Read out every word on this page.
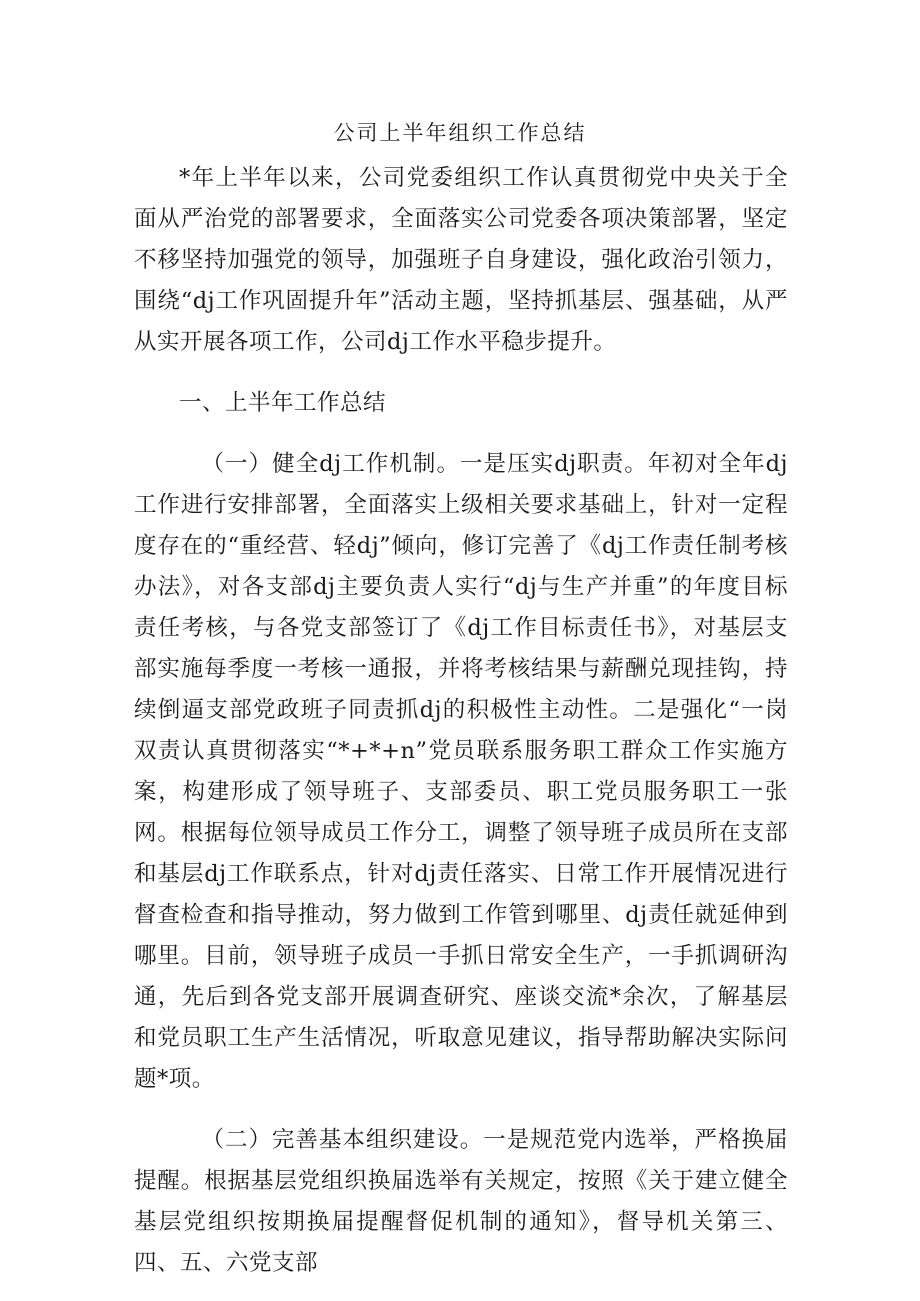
公司上半年组织工作总结

*年上半年以来，公司党委组织工作认真贯彻党中央关于全面从严治党的部署要求，全面落实公司党委各项决策部署，坚定不移坚持加强党的领导，加强班子自身建设，强化政治引领力，围绕“dj工作巩固提升年”活动主题，坚持抓基层、强基础，从严从实开展各项工作，公司dj工作水平稳步提升。

一、上半年工作总结

（一）健全dj工作机制。一是压实dj职责。年初对全年dj工作进行安排部署，全面落实上级相关要求基础上，针对一定程度存在的“重经营、轻dj”倾向，修订完善了《dj工作责任制考核办法》，对各支部dj主要负责人实行“dj与生产并重”的年度目标责任考核，与各党支部签订了《dj工作目标责任书》，对基层支部实施每季度一考核一通报，并将考核结果与薪酬兑现挂钩，持续倒逼支部党政班子同责抓dj的积极性主动性。二是强化“一岗双责认真贯彻落实“*+*+n”党员联系服务职工群众工作实施方案，构建形成了领导班子、支部委员、职工党员服务职工一张网。根据每位领导成员工作分工，调整了领导班子成员所在支部和基层dj工作联系点，针对dj责任落实、日常工作开展情况进行督查检查和指导推动，努力做到工作管到哪里、dj责任就延伸到哪里。目前，领导班子成员一手抓日常安全生产，一手抓调研沟通，先后到各党支部开展调查研究、座谈交流*余次，了解基层和党员职工生产生活情况，听取意见建议，指导帮助解决实际问题*项。

（二）完善基本组织建设。一是规范党内选举，严格换届提醒。根据基层党组织换届选举有关规定，按照《关于建立健全基层党组织按期换届提醒督促机制的通知》，督导机关第三、四、五、六党支部
